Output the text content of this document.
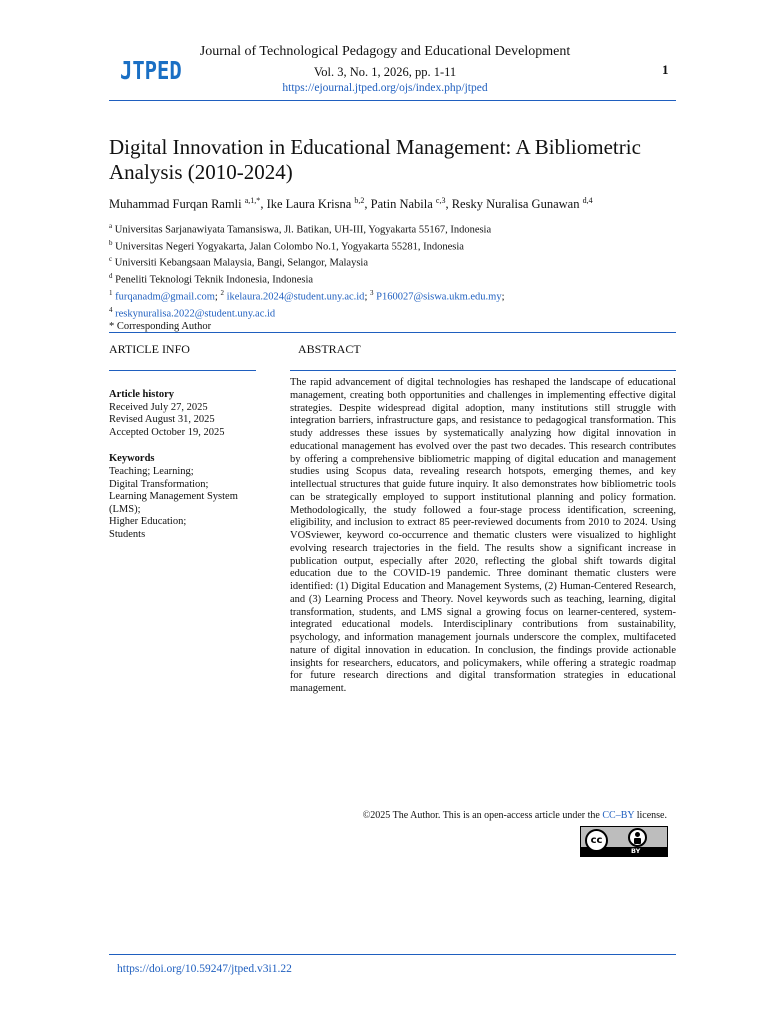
JTPED
Journal of Technological Pedagogy and Educational Development
Vol. 3, No. 1, 2026, pp. 1-11
https://ejournal.jtped.org/ojs/index.php/jtped
1
Digital Innovation in Educational Management: A Bibliometric Analysis (2010-2024)
Muhammad Furqan Ramli $^{a,1,*}$, Ike Laura Krisna $^{b,2}$, Patin Nabila $^{c,3}$, Resky Nuralisa Gunawan $^{d,4}$
$^a$ Universitas Sarjanawiyata Tamansiswa, Jl. Batikan, UH-III, Yogyakarta 55167, Indonesia
$^b$ Universitas Negeri Yogyakarta, Jalan Colombo No.1, Yogyakarta 55281, Indonesia
$^c$ Universiti Kebangsaan Malaysia, Bangi, Selangor, Malaysia
$^d$ Peneliti Teknologi Teknik Indonesia, Indonesia
$^1$ furqanadm@gmail.com; $^2$ ikelaura.2024@student.uny.ac.id; $^3$ P160027@siswa.ukm.edu.my;
$^4$ reskynuralisa.2022@student.uny.ac.id
* Corresponding Author
ARTICLE INFO	ABSTRACT
Article history
Received July 27, 2025
Revised August 31, 2025
Accepted October 19, 2025
Keywords
Teaching; Learning;
Digital Transformation;
Learning Management System
(LMS);
Higher Education;
Students
The rapid advancement of digital technologies has reshaped the landscape of educational management, creating both opportunities and challenges in implementing effective digital strategies. Despite widespread digital adoption, many institutions still struggle with integration barriers, infrastructure gaps, and resistance to pedagogical transformation. This study addresses these issues by systematically analyzing how digital innovation in educational management has evolved over the past two decades. This research contributes by offering a comprehensive bibliometric mapping of digital education and management studies using Scopus data, revealing research hotspots, emerging themes, and key intellectual structures that guide future inquiry. It also demonstrates how bibliometric tools can be strategically employed to support institutional planning and policy formation. Methodologically, the study followed a four-stage process identification, screening, eligibility, and inclusion to extract 85 peer-reviewed documents from 2010 to 2024. Using VOSviewer, keyword co-occurrence and thematic clusters were visualized to highlight evolving research trajectories in the field. The results show a significant increase in publication output, especially after 2020, reflecting the global shift towards digital education due to the COVID-19 pandemic. Three dominant thematic clusters were identified: (1) Digital Education and Management Systems, (2) Human-Centered Research, and (3) Learning Process and Theory. Novel keywords such as teaching, learning, digital transformation, students, and LMS signal a growing focus on learner-centered, system-integrated educational models. Interdisciplinary contributions from sustainability, psychology, and information management journals underscore the complex, multifaceted nature of digital innovation in education. In conclusion, the findings provide actionable insights for researchers, educators, and policymakers, while offering a strategic roadmap for future research directions and digital transformation strategies in educational management.
©2025 The Author. This is an open-access article under the CC–BY license.
cc
BY
https://doi.org/10.59247/jtped.v3i1.22
